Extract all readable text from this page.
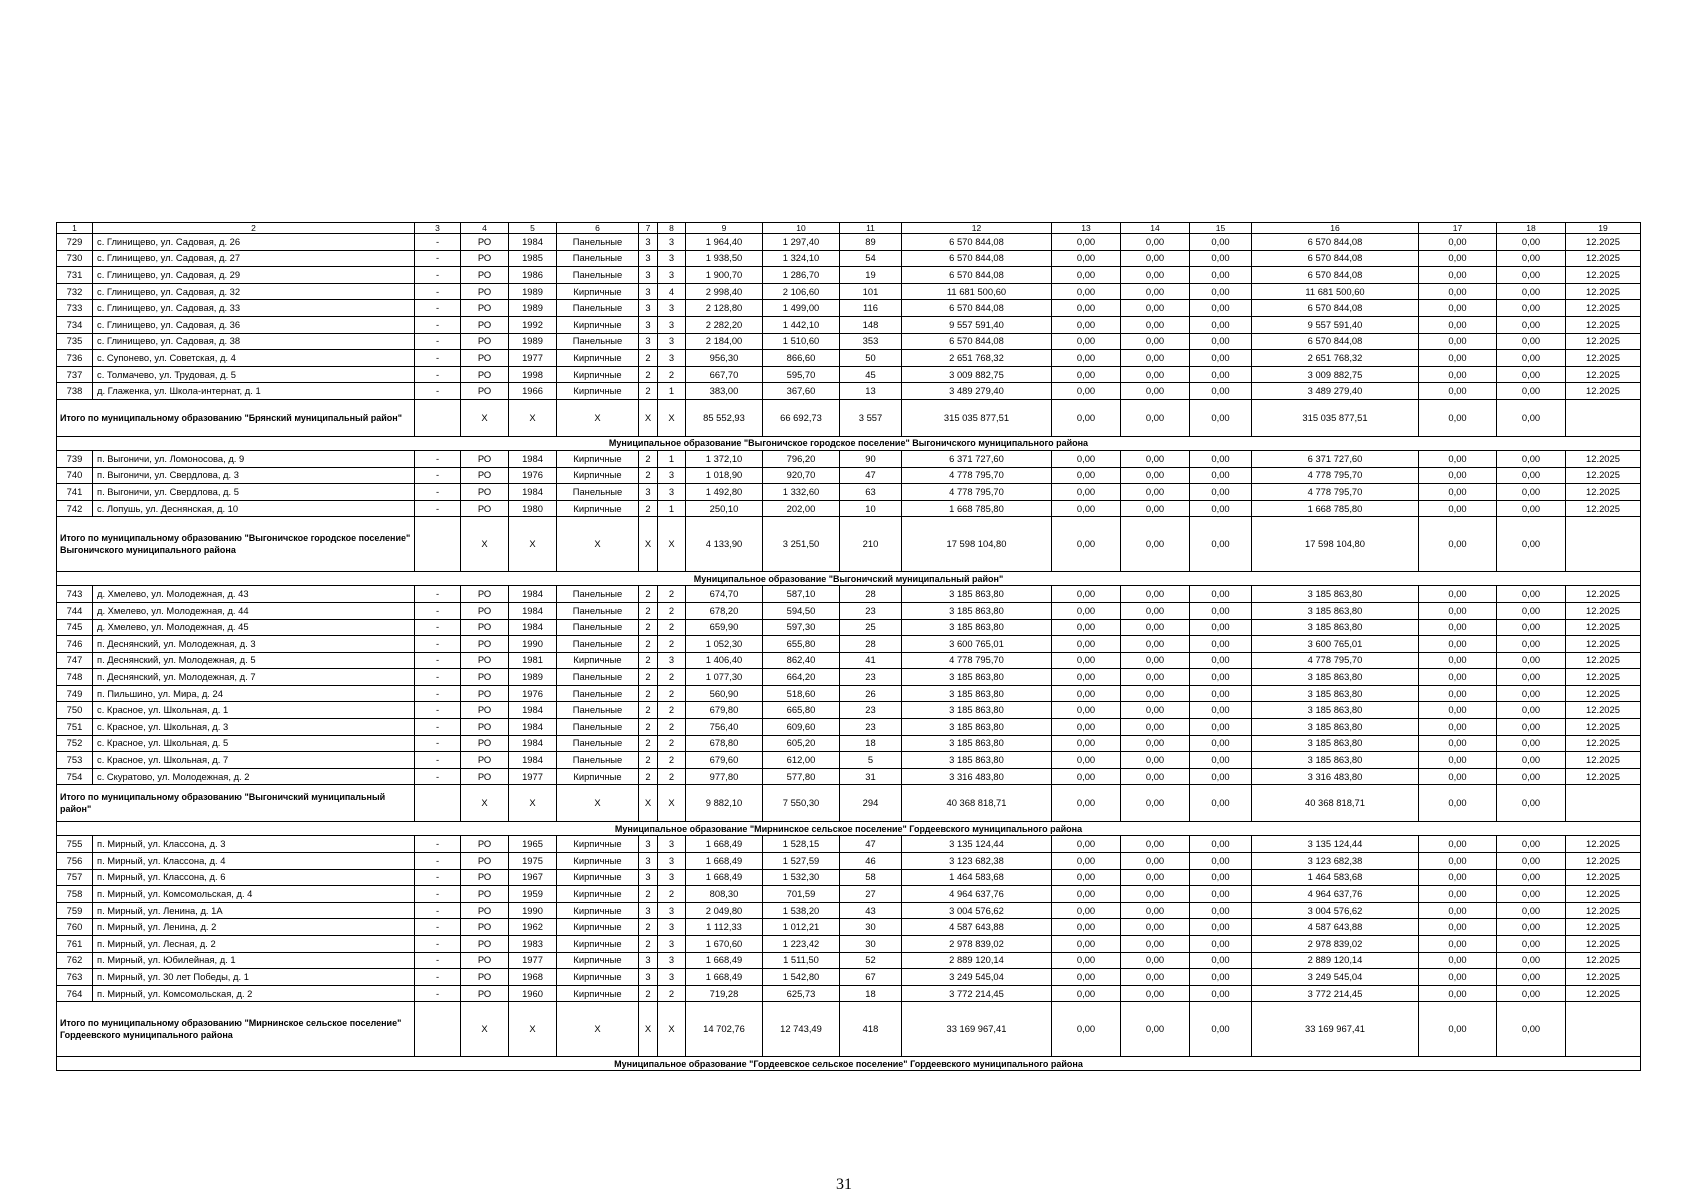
1	2	3	4	5	6	7	8	9	10	11	12	13	14	15	16	17	18	19
729	с. Глинищево, ул. Садовая, д. 26	-	РО	1984	Панельные	3	3	1 964,40	1 297,40	89	6 570 844,08	0,00	0,00	0,00	6 570 844,08	0,00	0,00	12.2025
730	с. Глинищево, ул. Садовая, д. 27	-	РО	1985	Панельные	3	3	1 938,50	1 324,10	54	6 570 844,08	0,00	0,00	0,00	6 570 844,08	0,00	0,00	12.2025
731	с. Глинищево, ул. Садовая, д. 29	-	РО	1986	Панельные	3	3	1 900,70	1 286,70	19	6 570 844,08	0,00	0,00	0,00	6 570 844,08	0,00	0,00	12.2025
732	с. Глинищево, ул. Садовая, д. 32	-	РО	1989	Кирпичные	3	4	2 998,40	2 106,60	101	11 681 500,60	0,00	0,00	0,00	11 681 500,60	0,00	0,00	12.2025
733	с. Глинищево, ул. Садовая, д. 33	-	РО	1989	Панельные	3	3	2 128,80	1 499,00	116	6 570 844,08	0,00	0,00	0,00	6 570 844,08	0,00	0,00	12.2025
734	с. Глинищево, ул. Садовая, д. 36	-	РО	1992	Кирпичные	3	3	2 282,20	1 442,10	148	9 557 591,40	0,00	0,00	0,00	9 557 591,40	0,00	0,00	12.2025
735	с. Глинищево, ул. Садовая, д. 38	-	РО	1989	Панельные	3	3	2 184,00	1 510,60	353	6 570 844,08	0,00	0,00	0,00	6 570 844,08	0,00	0,00	12.2025
736	с. Супонево, ул. Советская, д. 4	-	РО	1977	Кирпичные	2	3	956,30	866,60	50	2 651 768,32	0,00	0,00	0,00	2 651 768,32	0,00	0,00	12.2025
737	с. Толмачево, ул. Трудовая, д. 5	-	РО	1998	Кирпичные	2	2	667,70	595,70	45	3 009 882,75	0,00	0,00	0,00	3 009 882,75	0,00	0,00	12.2025
738	д. Глаженка, ул. Школа-интернат, д. 1	-	РО	1966	Кирпичные	2	1	383,00	367,60	13	3 489 279,40	0,00	0,00	0,00	3 489 279,40	0,00	0,00	12.2025
Итого по муниципальному образованию "Брянский муниципальный район"			X	X	X	X	X	85 552,93	66 692,73	3 557	315 035 877,51	0,00	0,00	0,00	315 035 877,51	0,00	0,00	
Муниципальное образование "Выгоничское городское поселение" Выгоничского муниципального района																		
739	п. Выгоничи, ул. Ломоносова, д. 9	-	РО	1984	Кирпичные	2	1	1 372,10	796,20	90	6 371 727,60	0,00	0,00	0,00	6 371 727,60	0,00	0,00	12.2025
740	п. Выгоничи, ул. Свердлова, д. 3	-	РО	1976	Кирпичные	2	3	1 018,90	920,70	47	4 778 795,70	0,00	0,00	0,00	4 778 795,70	0,00	0,00	12.2025
741	п. Выгоничи, ул. Свердлова, д. 5	-	РО	1984	Панельные	3	3	1 492,80	1 332,60	63	4 778 795,70	0,00	0,00	0,00	4 778 795,70	0,00	0,00	12.2025
742	с. Лопушь, ул. Деснянская, д. 10	-	РО	1980	Кирпичные	2	1	250,10	202,00	10	1 668 785,80	0,00	0,00	0,00	1 668 785,80	0,00	0,00	12.2025
Итого по муниципальному образованию "Выгоничское городское поселение" Выгоничского муниципального района			X	X	X	X	X	4 133,90	3 251,50	210	17 598 104,80	0,00	0,00	0,00	17 598 104,80	0,00	0,00	
Муниципальное образование "Выгоничский муниципальный район"																		
743	д. Хмелево, ул. Молодежная, д. 43	-	РО	1984	Панельные	2	2	674,70	587,10	28	3 185 863,80	0,00	0,00	0,00	3 185 863,80	0,00	0,00	12.2025
744	д. Хмелево, ул. Молодежная, д. 44	-	РО	1984	Панельные	2	2	678,20	594,50	23	3 185 863,80	0,00	0,00	0,00	3 185 863,80	0,00	0,00	12.2025
745	д. Хмелево, ул. Молодежная, д. 45	-	РО	1984	Панельные	2	2	659,90	597,30	25	3 185 863,80	0,00	0,00	0,00	3 185 863,80	0,00	0,00	12.2025
746	п. Деснянский, ул. Молодежная, д. 3	-	РО	1990	Панельные	2	2	1 052,30	655,80	28	3 600 765,01	0,00	0,00	0,00	3 600 765,01	0,00	0,00	12.2025
747	п. Деснянский, ул. Молодежная, д. 5	-	РО	1981	Кирпичные	2	3	1 406,40	862,40	41	4 778 795,70	0,00	0,00	0,00	4 778 795,70	0,00	0,00	12.2025
748	п. Деснянский, ул. Молодежная, д. 7	-	РО	1989	Панельные	2	2	1 077,30	664,20	23	3 185 863,80	0,00	0,00	0,00	3 185 863,80	0,00	0,00	12.2025
749	п. Пильшино, ул. Мира, д. 24	-	РО	1976	Панельные	2	2	560,90	518,60	26	3 185 863,80	0,00	0,00	0,00	3 185 863,80	0,00	0,00	12.2025
750	с. Красное, ул. Школьная, д. 1	-	РО	1984	Панельные	2	2	679,80	665,80	23	3 185 863,80	0,00	0,00	0,00	3 185 863,80	0,00	0,00	12.2025
751	с. Красное, ул. Школьная, д. 3	-	РО	1984	Панельные	2	2	756,40	609,60	23	3 185 863,80	0,00	0,00	0,00	3 185 863,80	0,00	0,00	12.2025
752	с. Красное, ул. Школьная, д. 5	-	РО	1984	Панельные	2	2	678,80	605,20	18	3 185 863,80	0,00	0,00	0,00	3 185 863,80	0,00	0,00	12.2025
753	с. Красное, ул. Школьная, д. 7	-	РО	1984	Панельные	2	2	679,60	612,00	5	3 185 863,80	0,00	0,00	0,00	3 185 863,80	0,00	0,00	12.2025
754	с. Скуратово, ул. Молодежная, д. 2	-	РО	1977	Кирпичные	2	2	977,80	577,80	31	3 316 483,80	0,00	0,00	0,00	3 316 483,80	0,00	0,00	12.2025
Итого по муниципальному образованию "Выгоничский муниципальный район"			X	X	X	X	X	9 882,10	7 550,30	294	40 368 818,71	0,00	0,00	0,00	40 368 818,71	0,00	0,00	
Муниципальное образование "Мирнинское сельское поселение" Гордеевского муниципального района																		
755	п. Мирный, ул. Классона, д. 3	-	РО	1965	Кирпичные	3	3	1 668,49	1 528,15	47	3 135 124,44	0,00	0,00	0,00	3 135 124,44	0,00	0,00	12.2025
756	п. Мирный, ул. Классона, д. 4	-	РО	1975	Кирпичные	3	3	1 668,49	1 527,59	46	3 123 682,38	0,00	0,00	0,00	3 123 682,38	0,00	0,00	12.2025
757	п. Мирный, ул. Классона, д. 6	-	РО	1967	Кирпичные	3	3	1 668,49	1 532,30	58	1 464 583,68	0,00	0,00	0,00	1 464 583,68	0,00	0,00	12.2025
758	п. Мирный, ул. Комсомольская, д. 4	-	РО	1959	Кирпичные	2	2	808,30	701,59	27	4 964 637,76	0,00	0,00	0,00	4 964 637,76	0,00	0,00	12.2025
759	п. Мирный, ул. Ленина, д. 1А	-	РО	1990	Кирпичные	3	3	2 049,80	1 538,20	43	3 004 576,62	0,00	0,00	0,00	3 004 576,62	0,00	0,00	12.2025
760	п. Мирный, ул. Ленина, д. 2	-	РО	1962	Кирпичные	2	3	1 112,33	1 012,21	30	4 587 643,88	0,00	0,00	0,00	4 587 643,88	0,00	0,00	12.2025
761	п. Мирный, ул. Лесная, д. 2	-	РО	1983	Кирпичные	2	3	1 670,60	1 223,42	30	2 978 839,02	0,00	0,00	0,00	2 978 839,02	0,00	0,00	12.2025
762	п. Мирный, ул. Юбилейная, д. 1	-	РО	1977	Кирпичные	3	3	1 668,49	1 511,50	52	2 889 120,14	0,00	0,00	0,00	2 889 120,14	0,00	0,00	12.2025
763	п. Мирный, ул. 30 лет Победы, д. 1	-	РО	1968	Кирпичные	3	3	1 668,49	1 542,80	67	3 249 545,04	0,00	0,00	0,00	3 249 545,04	0,00	0,00	12.2025
764	п. Мирный, ул. Комсомольская, д. 2	-	РО	1960	Кирпичные	2	2	719,28	625,73	18	3 772 214,45	0,00	0,00	0,00	3 772 214,45	0,00	0,00	12.2025
Итого по муниципальному образованию "Мирнинское сельское поселение" Гордеевского муниципального района			X	X	X	X	X	14 702,76	12 743,49	418	33 169 967,41	0,00	0,00	0,00	33 169 967,41	0,00	0,00	
Муниципальное образование "Гордеевское сельское поселение" Гордеевского муниципального района																		
31
